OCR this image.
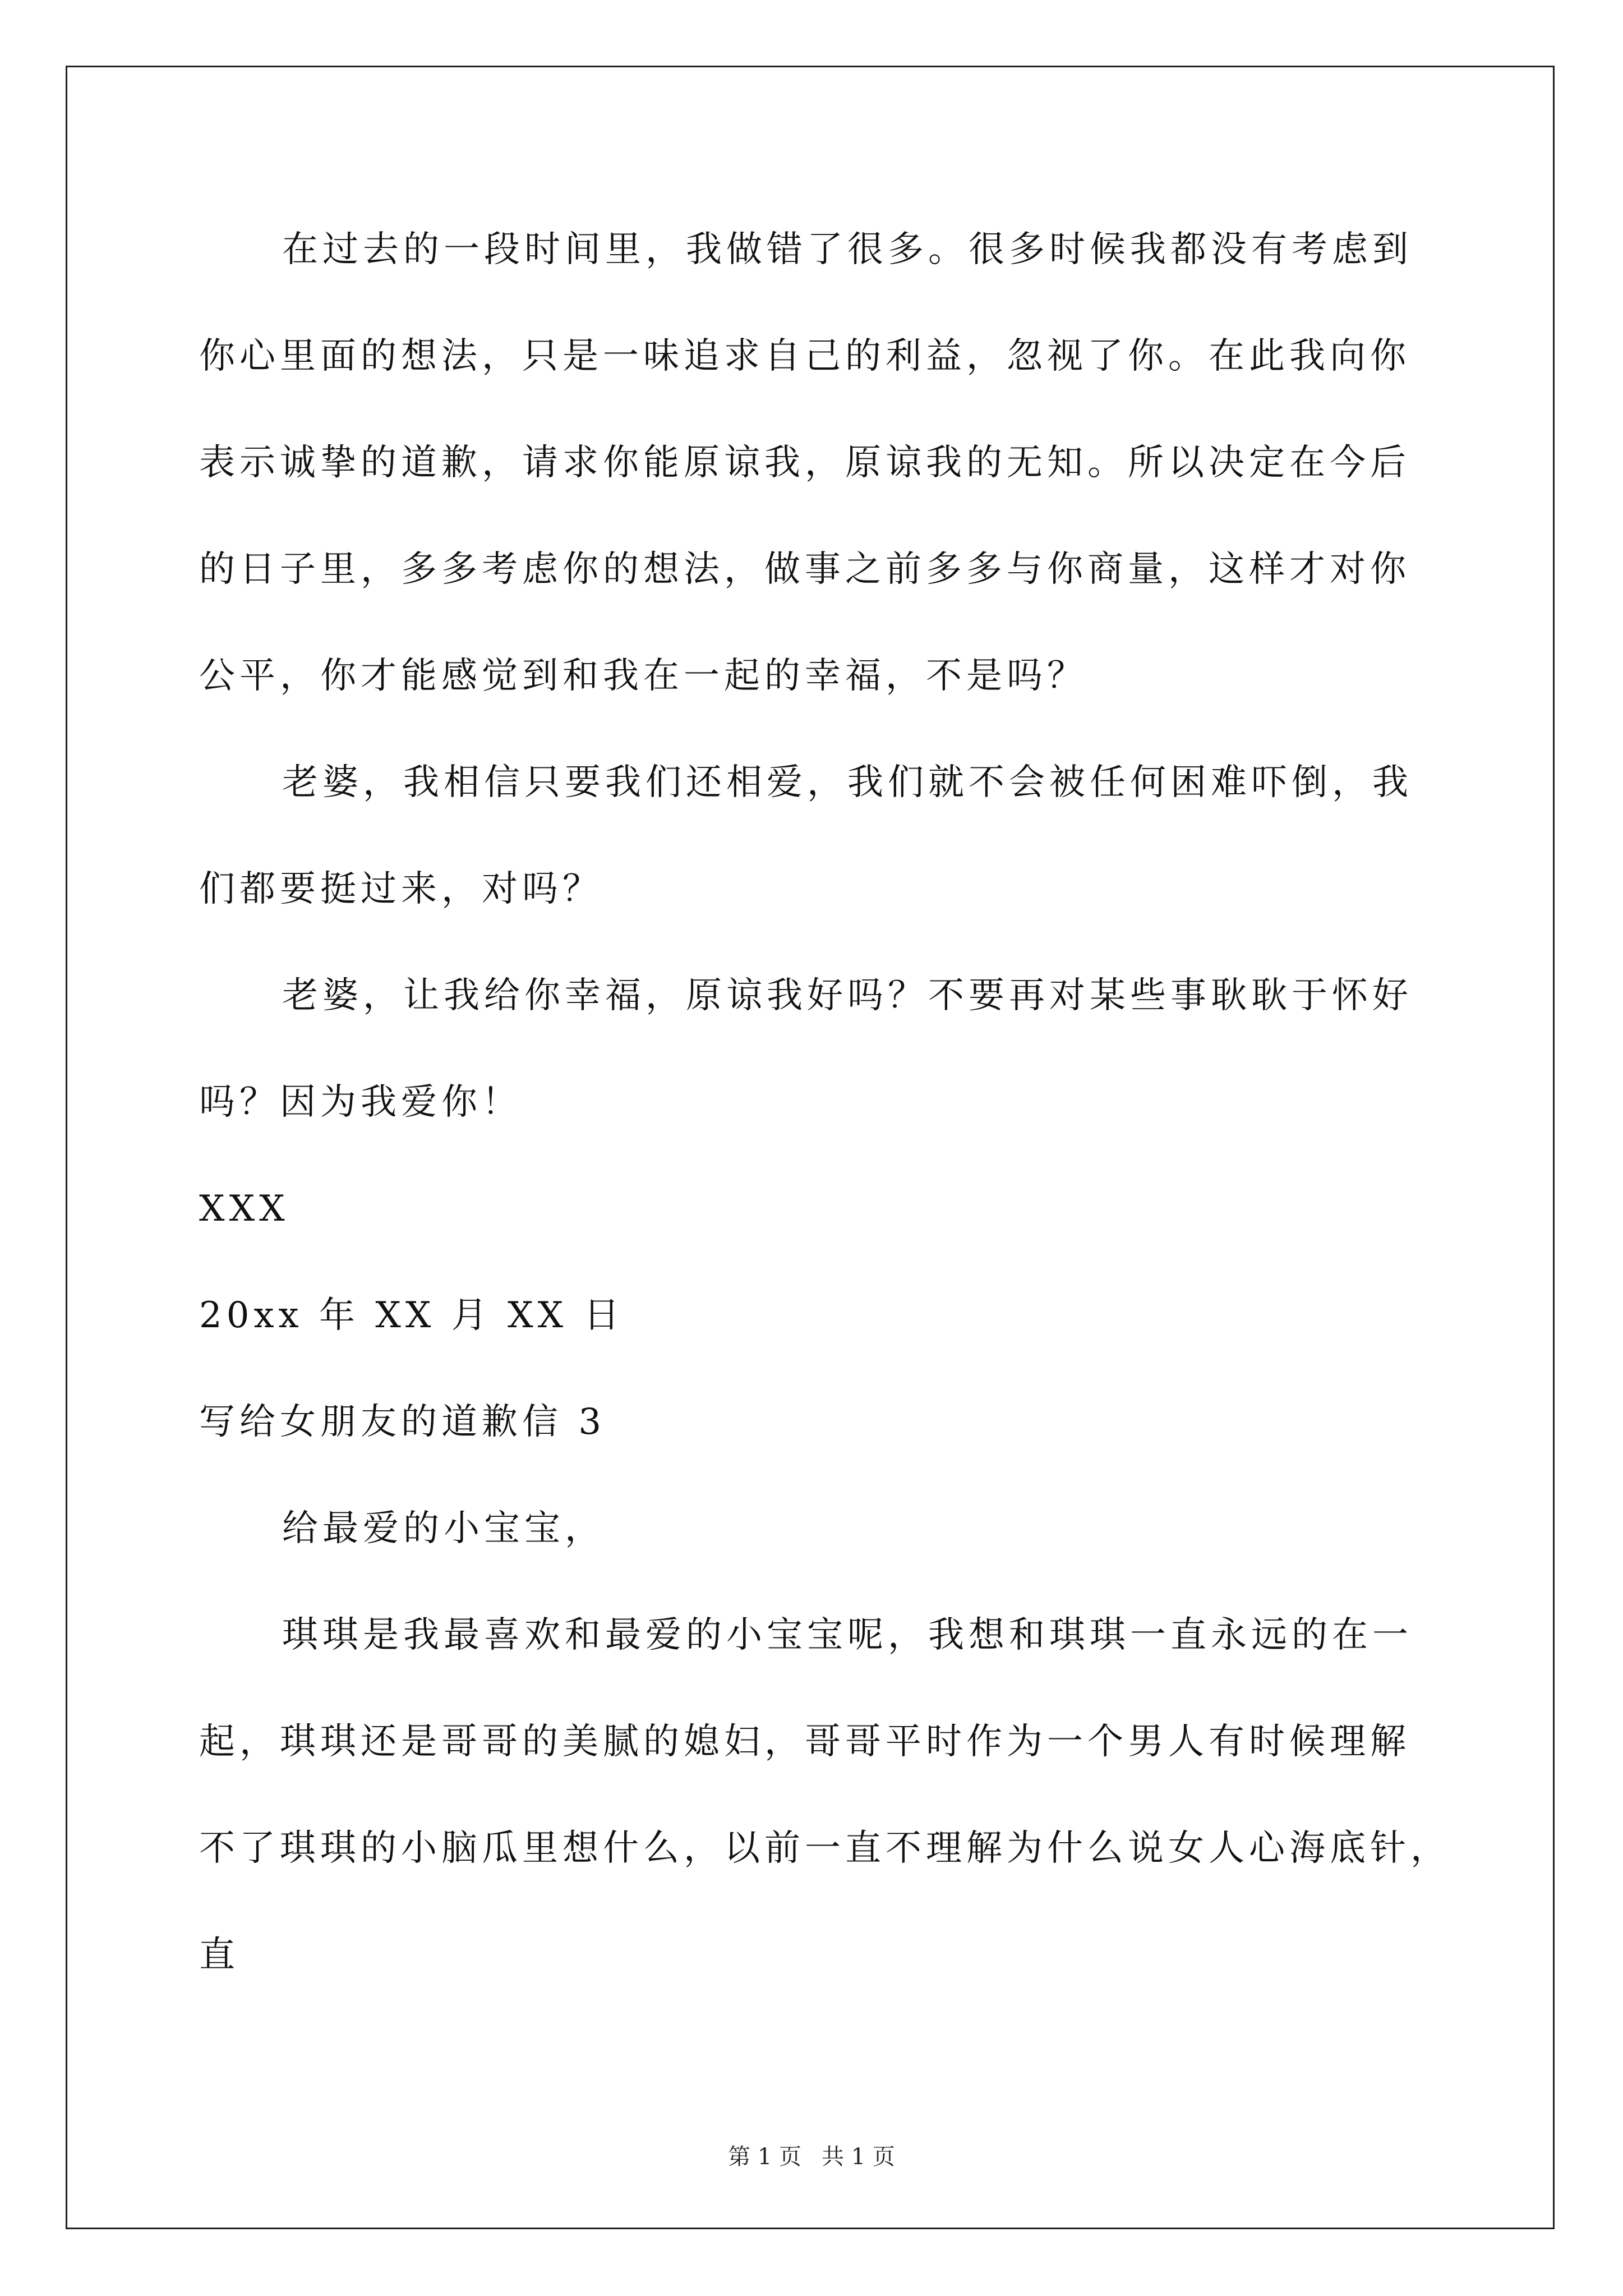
在过去的一段时间里，我做错了很多。很多时候我都没有考虑到
你心里面的想法，只是一味追求自己的利益，忽视了你。在此我向你
表示诚挚的道歉，请求你能原谅我，原谅我的无知。所以决定在今后
的日子里，多多考虑你的想法，做事之前多多与你商量，这样才对你
公平，你才能感觉到和我在一起的幸福，不是吗？
老婆，我相信只要我们还相爱，我们就不会被任何困难吓倒，我
们都要挺过来，对吗？
老婆，让我给你幸福，原谅我好吗？不要再对某些事耿耿于怀好
吗？因为我爱你！
XXX
20xx 年 XX 月 XX 日
写给女朋友的道歉信 3
给最爱的小宝宝，
琪琪是我最喜欢和最爱的小宝宝呢，我想和琪琪一直永远的在一
起，琪琪还是哥哥的美腻的媳妇，哥哥平时作为一个男人有时候理解
不了琪琪的小脑瓜里想什么，以前一直不理解为什么说女人心海底针，
直
第 1 页 共 1 页
